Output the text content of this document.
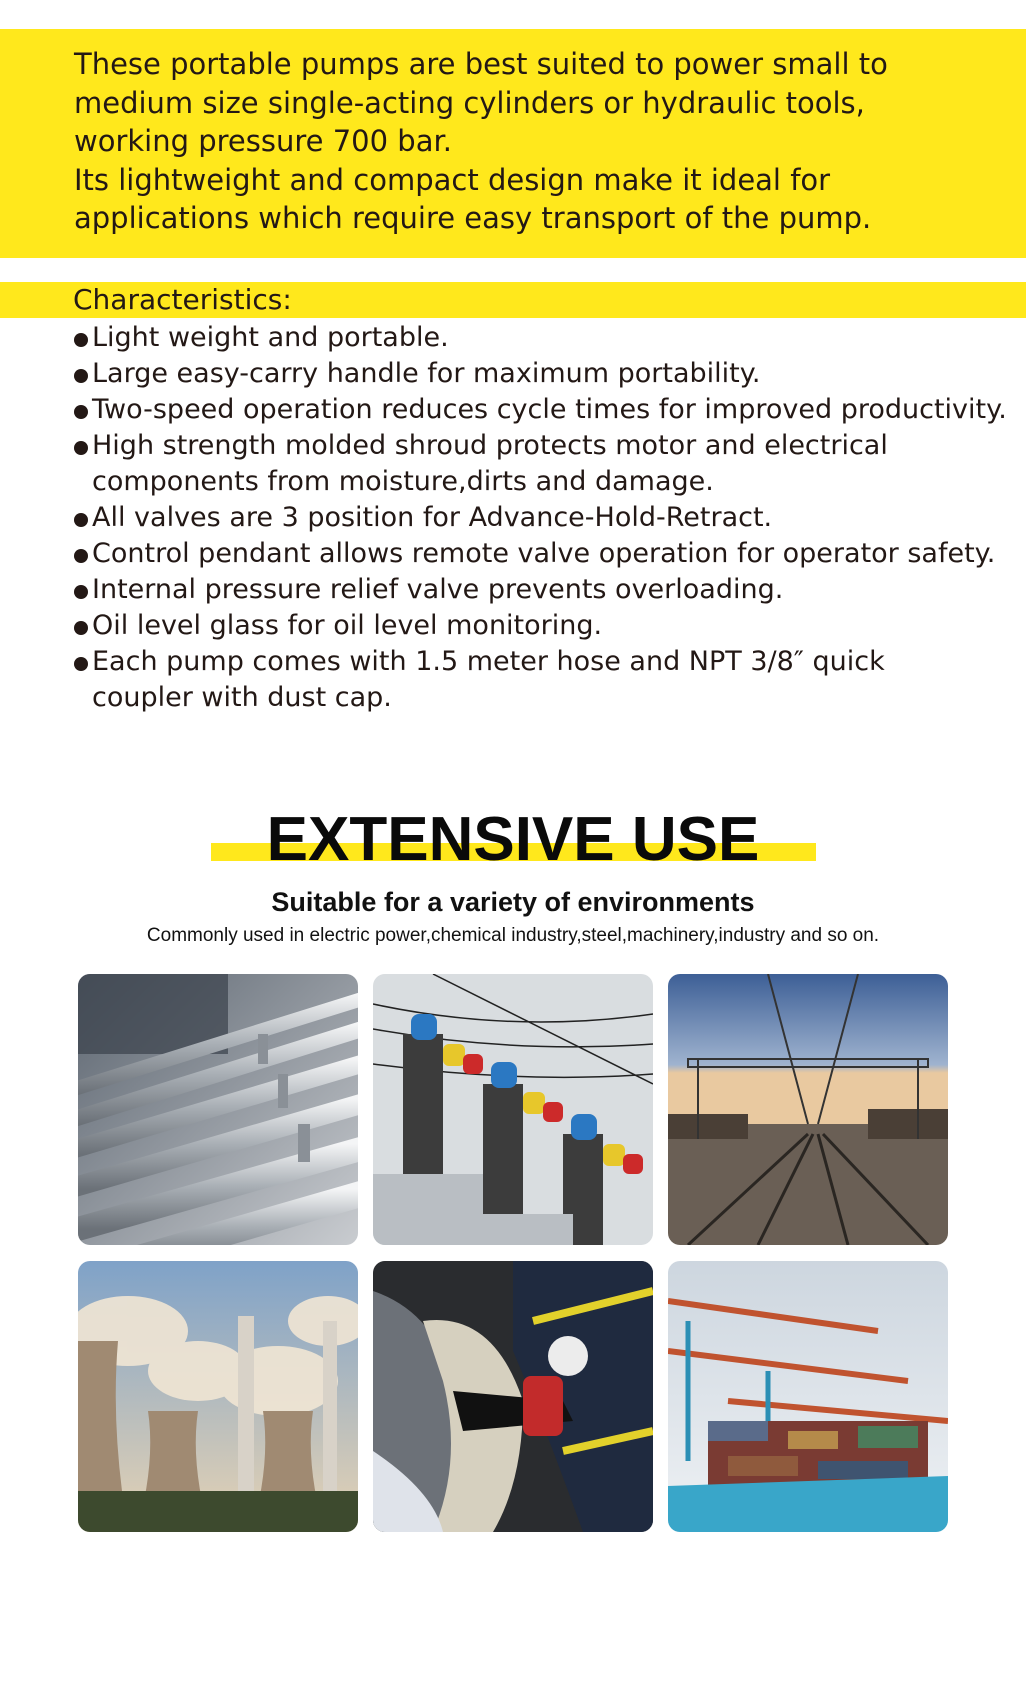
These portable pumps are best suited to power small to

medium size single-acting cylinders or hydraulic tools,

working pressure 700 bar.

Its lightweight and compact design make it ideal for

applications which require easy transport of the pump.

Characteristics:
Light weight and portable.
Large easy-carry handle for maximum portability.
Two-speed operation reduces cycle times for improved productivity.
High strength molded shroud protects motor and electrical
components from moisture,dirts and damage.
All valves are 3 position for Advance-Hold-Retract.
Control pendant allows remote valve operation for operator safety.
Internal pressure relief valve prevents overloading.
Oil level glass for oil level monitoring.
Each pump comes with 1.5 meter hose and NPT 3/8″ quick
coupler with dust cap.
EXTENSIVE USE

Suitable for a variety of environments

Commonly used in electric power,chemical industry,steel,machinery,industry and so on.
